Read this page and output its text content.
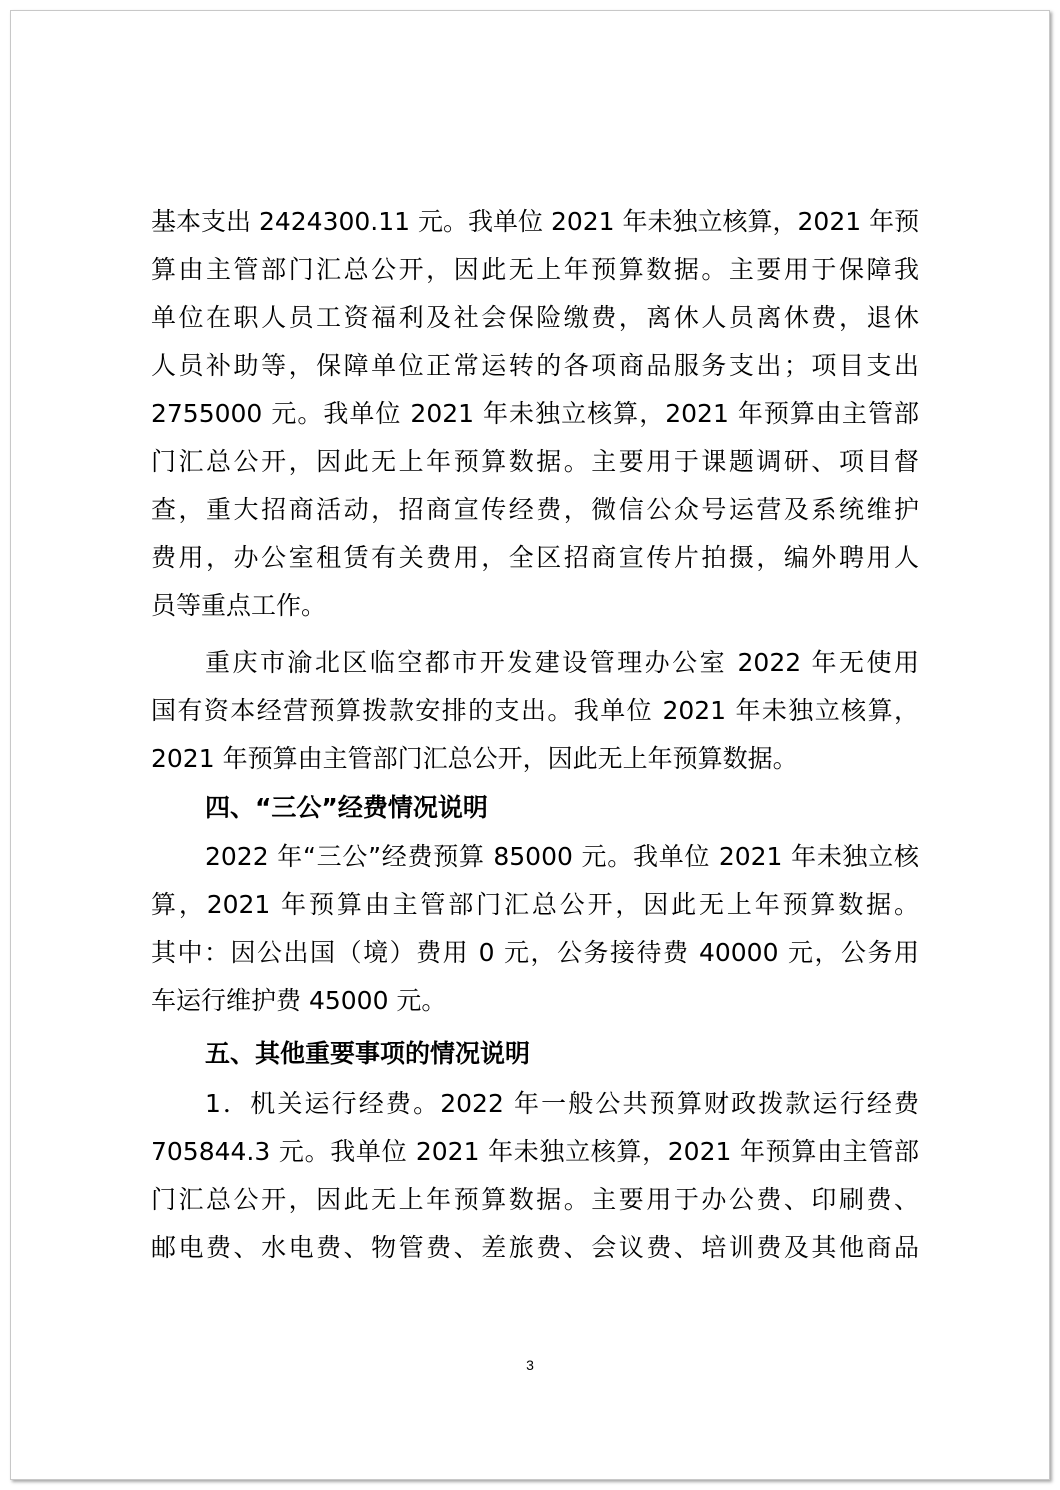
基本支出 2424300.11 元。我单位 2021 年未独立核算，2021 年预
算由主管部门汇总公开，因此无上年预算数据。主要用于保障我
单位在职人员工资福利及社会保险缴费，离休人员离休费，退休
人员补助等，保障单位正常运转的各项商品服务支出；项目支出
2755000 元。我单位 2021 年未独立核算，2021 年预算由主管部
门汇总公开，因此无上年预算数据。主要用于课题调研、项目督
查，重大招商活动，招商宣传经费，微信公众号运营及系统维护
费用，办公室租赁有关费用，全区招商宣传片拍摄，编外聘用人
员等重点工作。
重庆市渝北区临空都市开发建设管理办公室 2022 年无使用
国有资本经营预算拨款安排的支出。我单位 2021 年未独立核算，
2021 年预算由主管部门汇总公开，因此无上年预算数据。
四、“三公”经费情况说明
2022 年“三公”经费预算 85000 元。我单位 2021 年未独立核
算，2021 年预算由主管部门汇总公开，因此无上年预算数据。
其中：因公出国（境）费用 0 元，公务接待费 40000 元，公务用
车运行维护费 45000 元。
五、其他重要事项的情况说明
1．机关运行经费。2022 年一般公共预算财政拨款运行经费
705844.3 元。我单位 2021 年未独立核算，2021 年预算由主管部
门汇总公开，因此无上年预算数据。主要用于办公费、印刷费、
邮电费、水电费、物管费、差旅费、会议费、培训费及其他商品
3
